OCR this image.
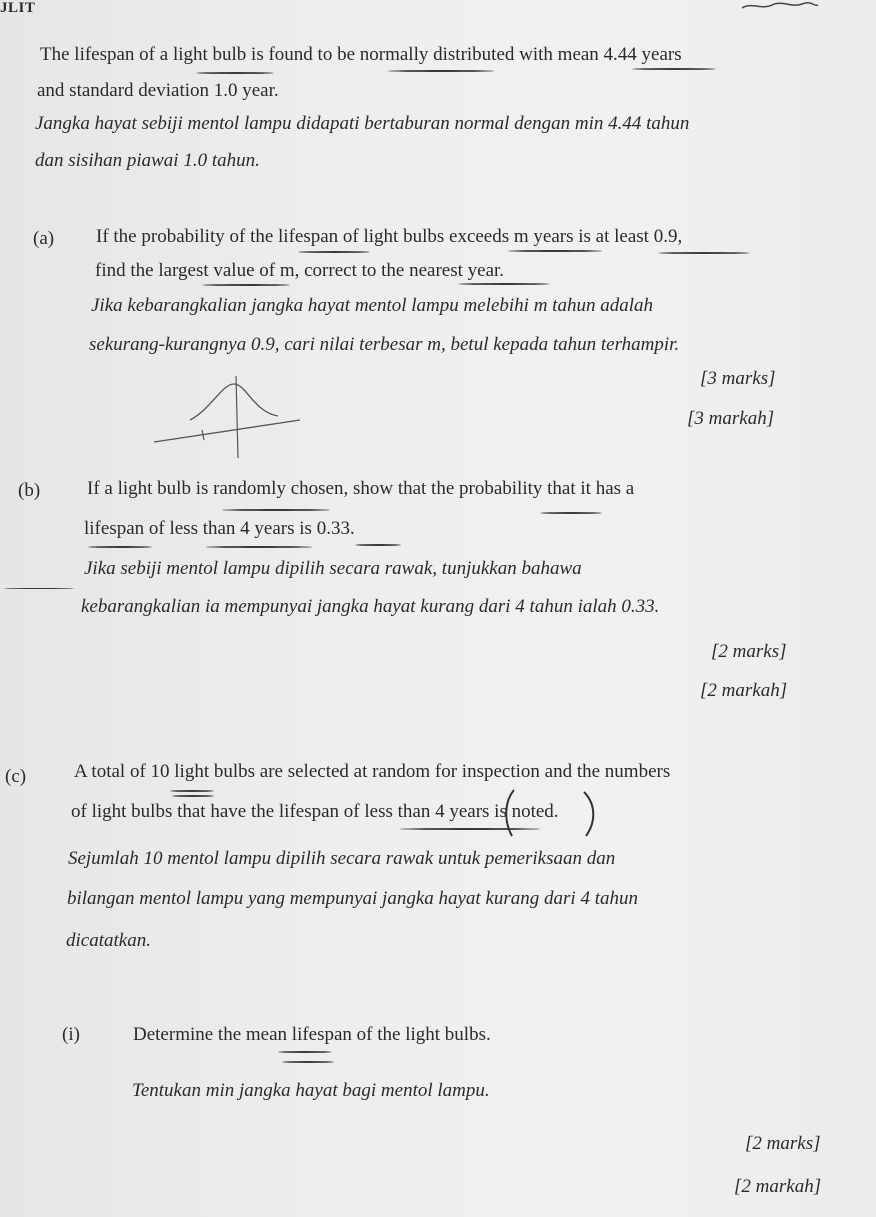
JLIT
The lifespan of a light bulb is found to be normally distributed with mean 4.44 years
and standard deviation 1.0 year.
Jangka hayat sebiji mentol lampu didapati bertaburan normal dengan min 4.44 tahun
dan sisihan piawai 1.0 tahun.
(a) If the probability of the lifespan of light bulbs exceeds m years is at least 0.9,
find the largest value of m, correct to the nearest year.
Jika kebarangkalian jangka hayat mentol lampu melebihi m tahun adalah
sekurang-kurangnya 0.9, cari nilai terbesar m, betul kepada tahun terhampir.
[3 marks]
[3 markah]
(b) If a light bulb is randomly chosen, show that the probability that it has a
lifespan of less than 4 years is 0.33.
Jika sebiji mentol lampu dipilih secara rawak, tunjukkan bahawa
kebarangkalian ia mempunyai jangka hayat kurang dari 4 tahun ialah 0.33.
[2 marks]
[2 markah]
(c)	A total of 10 light bulbs are selected at random for inspection and the numbers
of light bulbs that have the lifespan of less than 4 years is noted.
Sejumlah 10 mentol lampu dipilih secara rawak untuk pemeriksaan dan
bilangan mentol lampu yang mempunyai jangka hayat kurang dari 4 tahun
dicatatkan.
(i)	Determine the mean lifespan of the light bulbs.
Tentukan min jangka hayat bagi mentol lampu.
[2 marks]
[2 markah]
